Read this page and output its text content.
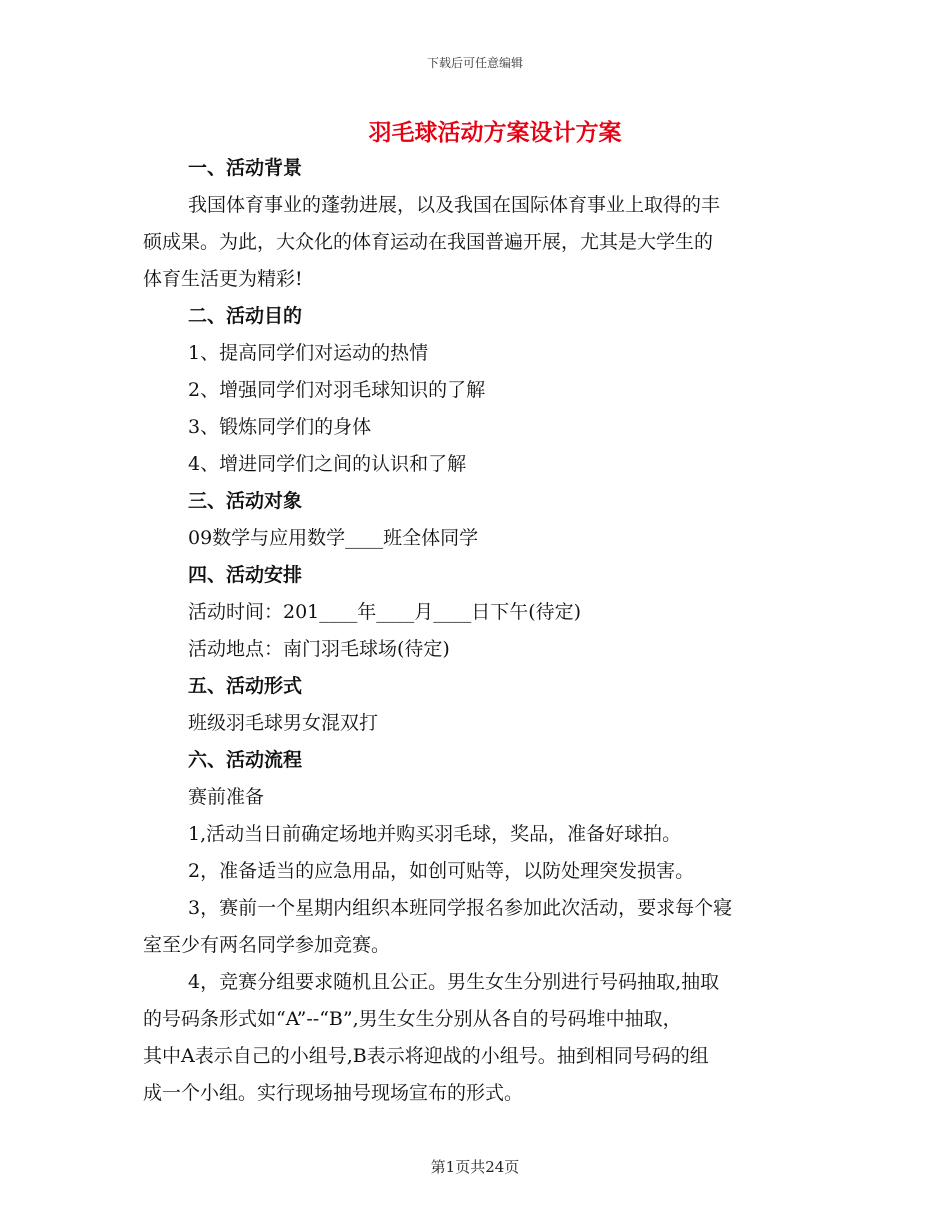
下载后可任意编辑
羽毛球活动方案设计方案
一、活动背景
我国体育事业的蓬勃进展，以及我国在国际体育事业上取得的丰
硕成果。为此，大众化的体育运动在我国普遍开展，尤其是大学生的
体育生活更为精彩!
二、活动目的
1、提高同学们对运动的热情
2、增强同学们对羽毛球知识的了解
3、锻炼同学们的身体
4、增进同学们之间的认识和了解
三、活动对象
09数学与应用数学____班全体同学
四、活动安排
活动时间：201____年____月____日下午(待定)
活动地点：南门羽毛球场(待定)
五、活动形式
班级羽毛球男女混双打
六、活动流程
赛前准备
1,活动当日前确定场地并购买羽毛球，奖品，准备好球拍。
2，准备适当的应急用品，如创可贴等，以防处理突发损害。
3，赛前一个星期内组织本班同学报名参加此次活动，要求每个寝
室至少有两名同学参加竞赛。
4，竞赛分组要求随机且公正。男生女生分别进行号码抽取,抽取
的号码条形式如“A”--“B”,男生女生分别从各自的号码堆中抽取，
其中A表示自己的小组号,B表示将迎战的小组号。抽到相同号码的组
成一个小组。实行现场抽号现场宣布的形式。
第1页共24页
